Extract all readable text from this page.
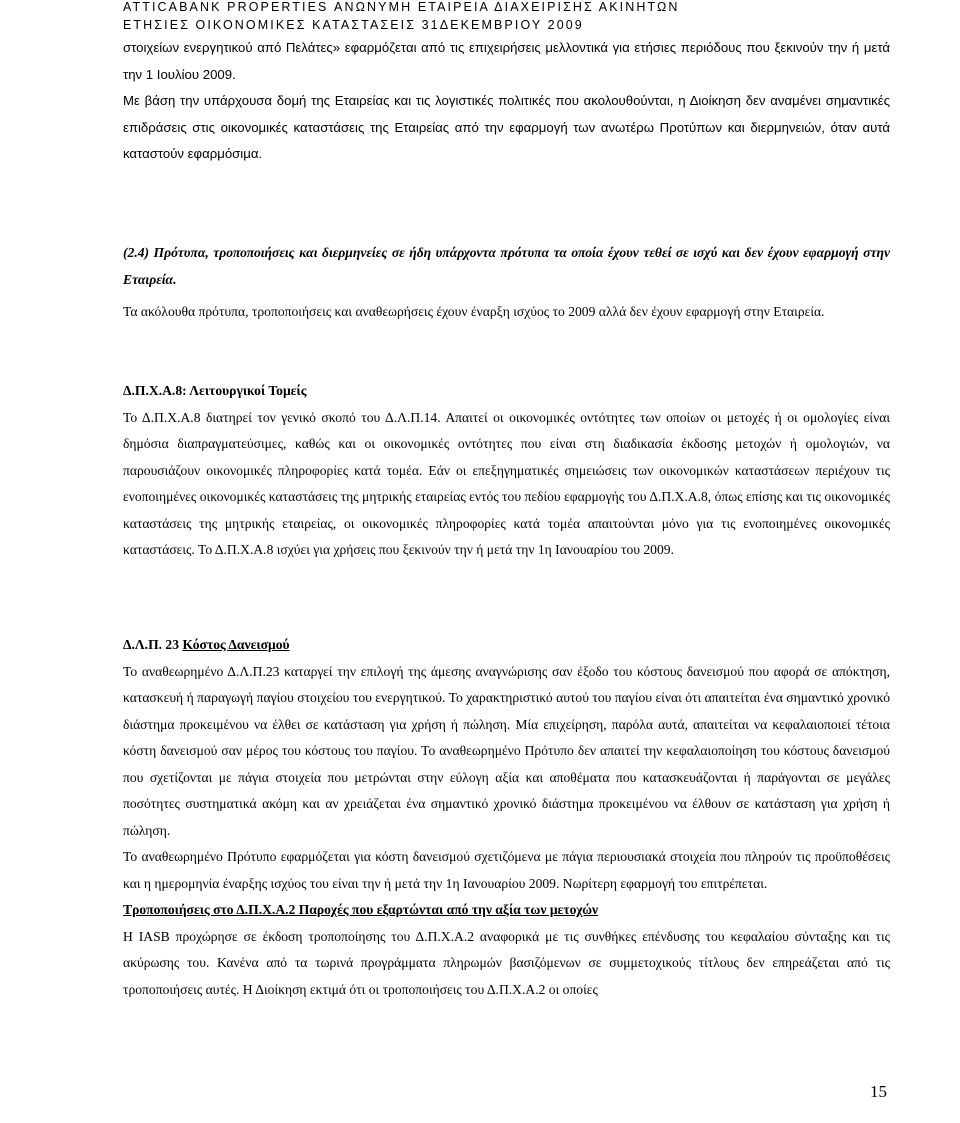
ATTICABANK PROPERTIES ΑΝΩΝΥΜΗ ΕΤΑΙΡΕΙΑ ΔΙΑΧΕΙΡΙΣΗΣ ΑΚΙΝΗΤΩΝ
ΕΤΗΣΙΕΣ ΟΙΚΟΝΟΜΙΚΕΣ ΚΑΤΑΣΤΑΣΕΙΣ 31ΔΕΚΕΜΒΡΙΟΥ 2009

στοιχείων ενεργητικού από Πελάτες» εφαρμόζεται από τις επιχειρήσεις μελλοντικά για ετήσιες περιόδους που ξεκινούν την ή μετά την 1 Ιουλίου 2009.

Με βάση την υπάρχουσα δομή της Εταιρείας και τις λογιστικές πολιτικές που ακολουθούνται, η Διοίκηση δεν αναμένει σημαντικές επιδράσεις στις οικονομικές καταστάσεις της Εταιρείας από την εφαρμογή των ανωτέρω Προτύπων και διερμηνειών, όταν αυτά καταστούν εφαρμόσιμα.

(2.4) Πρότυπα, τροποποιήσεις και διερμηνείες σε ήδη υπάρχοντα πρότυπα τα οποία έχουν τεθεί σε ισχύ και δεν έχουν εφαρμογή στην Εταιρεία.

Τα ακόλουθα πρότυπα, τροποποιήσεις και αναθεωρήσεις έχουν έναρξη ισχύος το 2009 αλλά δεν έχουν εφαρμογή στην Εταιρεία.

Δ.Π.Χ.Α.8: Λειτουργικοί Τομείς

Το Δ.Π.Χ.Α.8 διατηρεί τον γενικό σκοπό του Δ.Λ.Π.14. Απαιτεί οι οικονομικές οντότητες των οποίων οι μετοχές ή οι ομολογίες είναι δημόσια διαπραγματεύσιμες, καθώς και οι οικονομικές οντότητες που είναι στη διαδικασία έκδοσης μετοχών ή ομολογιών, να παρουσιάζουν οικονομικές πληροφορίες κατά τομέα. Εάν οι επεξηγηματικές σημειώσεις των οικονομικών καταστάσεων περιέχουν τις ενοποιημένες οικονομικές καταστάσεις της μητρικής εταιρείας εντός του πεδίου εφαρμογής του Δ.Π.Χ.Α.8, όπως επίσης και τις οικονομικές καταστάσεις της μητρικής εταιρείας, οι οικονομικές πληροφορίες κατά τομέα απαιτούνται μόνο για τις ενοποιημένες οικονομικές καταστάσεις. Το Δ.Π.Χ.Α.8 ισχύει για χρήσεις που ξεκινούν την ή μετά την 1η Ιανουαρίου του 2009.

Δ.Λ.Π. 23 Κόστος Δανεισμού

Το αναθεωρημένο Δ.Λ.Π.23 καταργεί την επιλογή της άμεσης αναγνώρισης σαν έξοδο του κόστους δανεισμού που αφορά σε απόκτηση, κατασκευή ή παραγωγή παγίου στοιχείου του ενεργητικού. Το χαρακτηριστικό αυτού του παγίου είναι ότι απαιτείται ένα σημαντικό χρονικό διάστημα προκειμένου να έλθει σε κατάσταση για χρήση ή πώληση. Μία επιχείρηση, παρόλα αυτά, απαιτείται να κεφαλαιοποιεί τέτοια κόστη δανεισμού σαν μέρος του κόστους του παγίου. Το αναθεωρημένο Πρότυπο δεν απαιτεί την κεφαλαιοποίηση του κόστους δανεισμού που σχετίζονται με πάγια στοιχεία που μετρώνται στην εύλογη αξία και αποθέματα που κατασκευάζονται ή παράγονται σε μεγάλες ποσότητες συστηματικά ακόμη και αν χρειάζεται ένα σημαντικό χρονικό διάστημα προκειμένου να έλθουν σε κατάσταση για χρήση ή πώληση.

Το αναθεωρημένο Πρότυπο εφαρμόζεται για κόστη δανεισμού σχετιζόμενα με πάγια περιουσιακά στοιχεία που πληρούν τις προϋποθέσεις και η ημερομηνία έναρξης ισχύος του είναι την ή μετά την 1η Ιανουαρίου 2009. Νωρίτερη εφαρμογή του επιτρέπεται.

Τροποποιήσεις στο Δ.Π.Χ.Α.2 Παροχές που εξαρτώνται από την αξία των μετοχών

Η IASB προχώρησε σε έκδοση τροποποίησης του Δ.Π.Χ.Α.2 αναφορικά με τις συνθήκες επένδυσης του κεφαλαίου σύνταξης και τις ακύρωσης του. Κανένα από τα τωρινά προγράμματα πληρωμών βασιζόμενων σε συμμετοχικούς τίτλους δεν επηρεάζεται από τις τροποποιήσεις αυτές. Η Διοίκηση εκτιμά ότι οι τροποποιήσεις του Δ.Π.Χ.Α.2 οι οποίες

15
